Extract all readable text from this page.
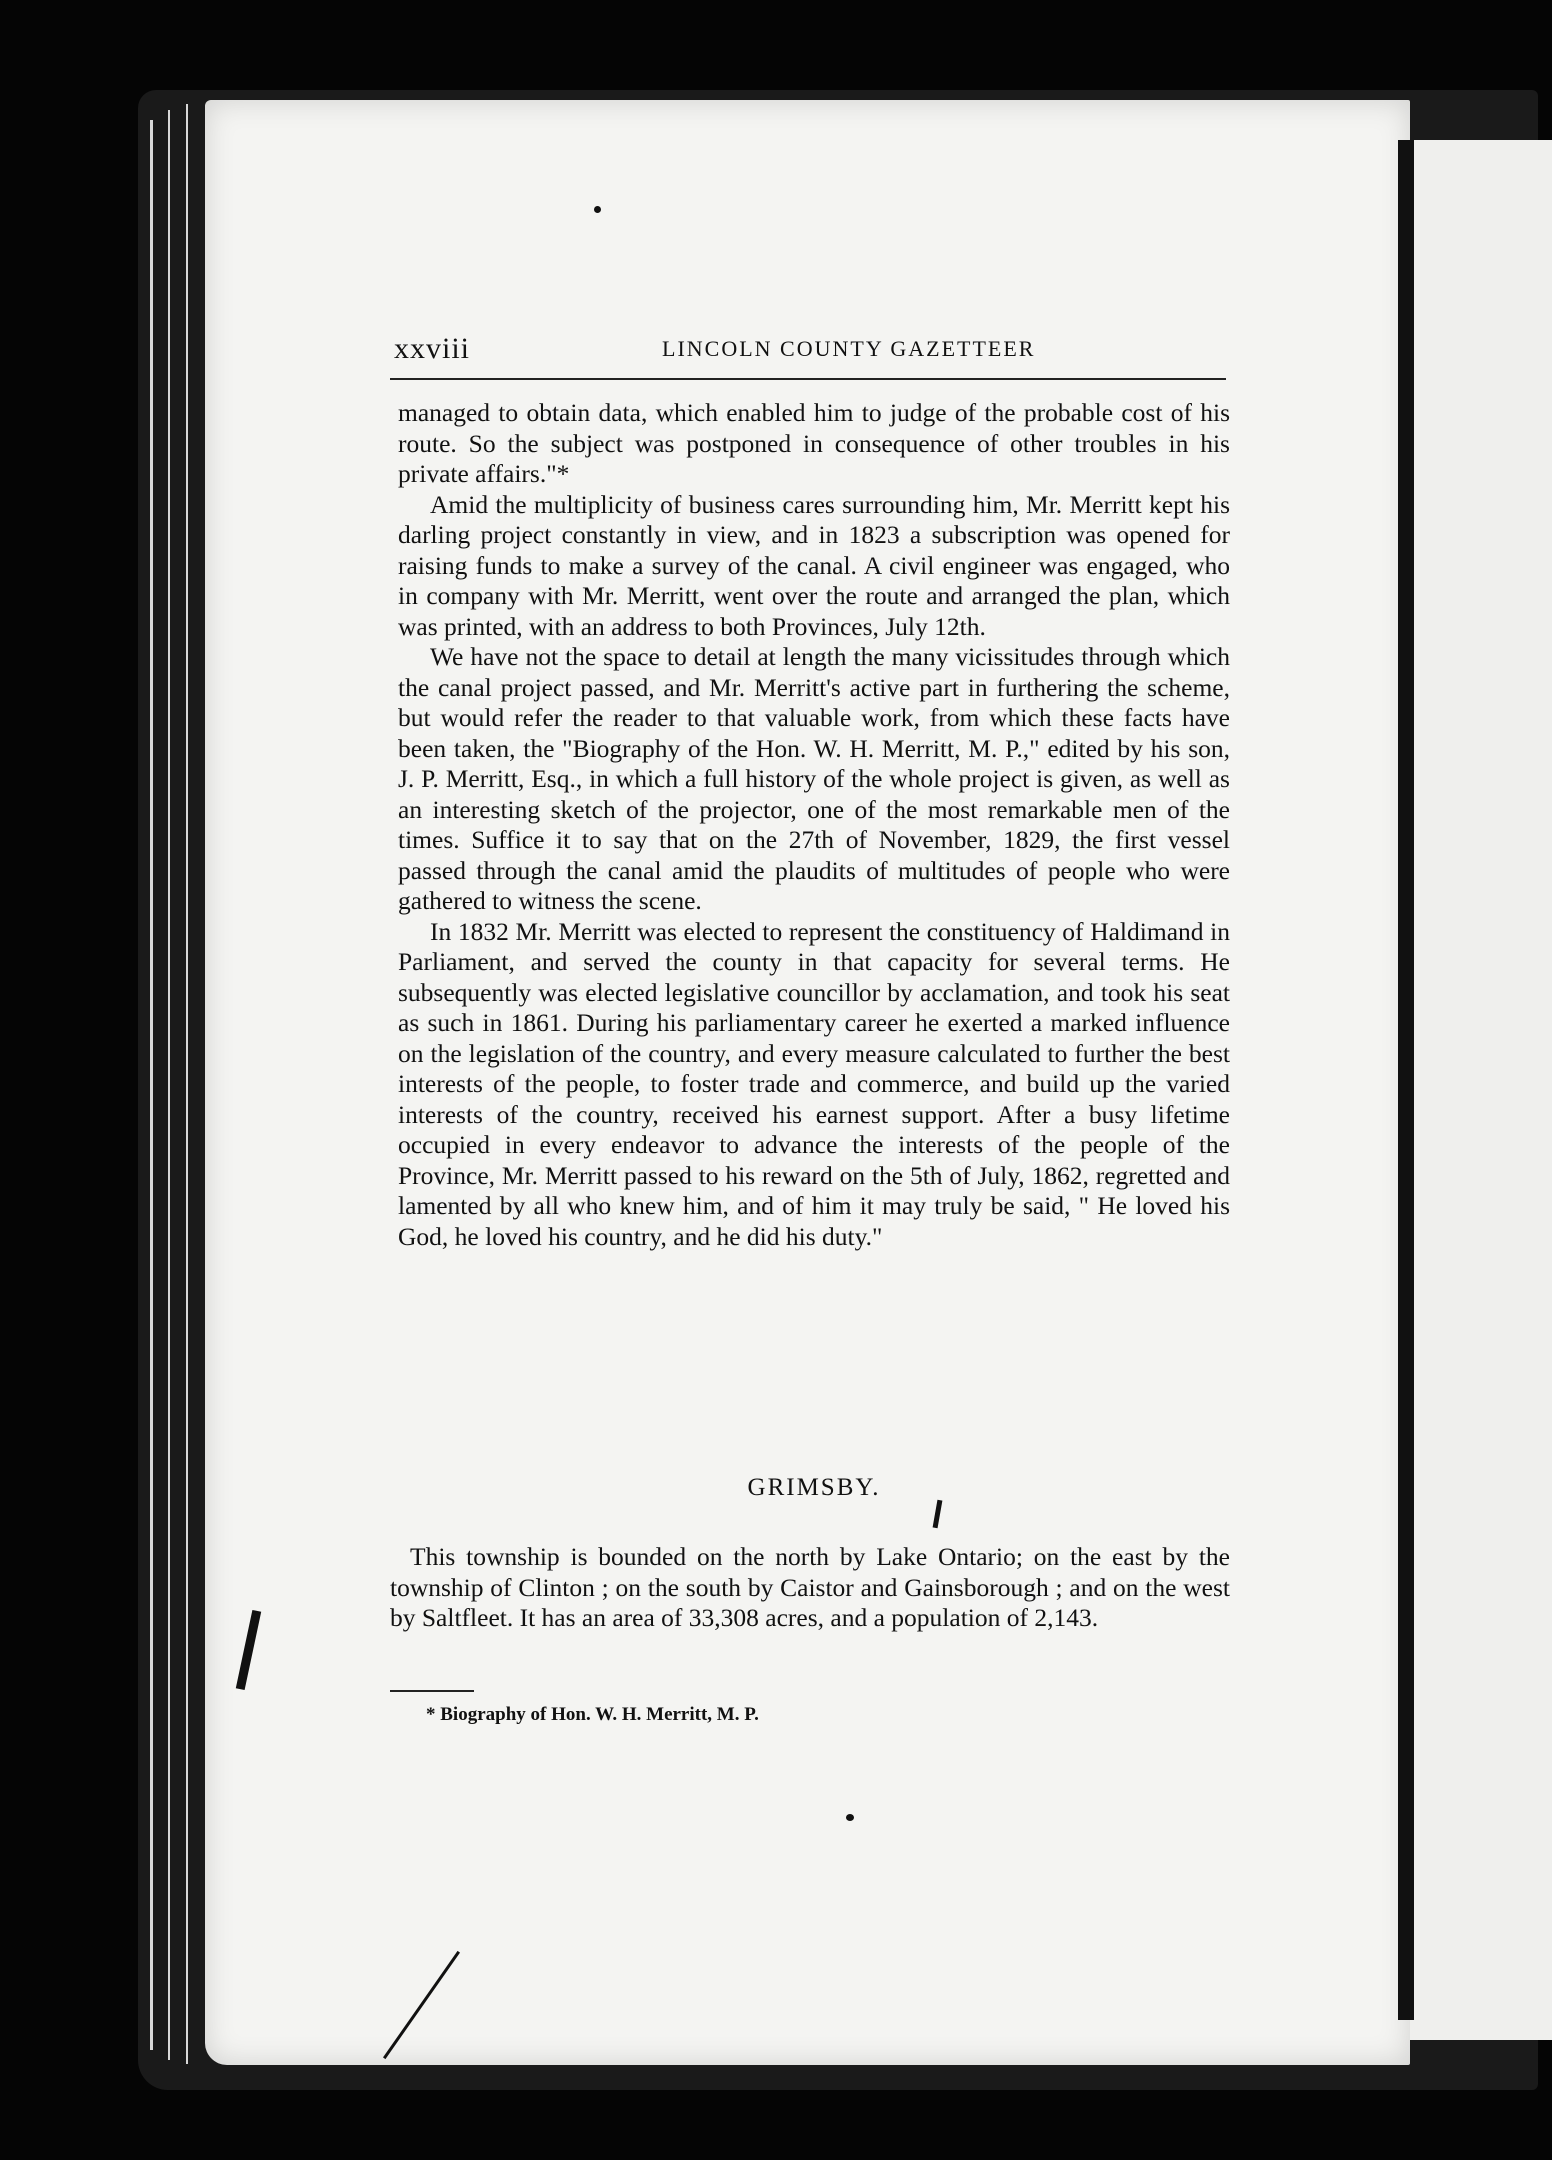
xxviii	LINCOLN COUNTY GAZETTEER

managed to obtain data, which enabled him to judge of the probable cost of his route. So the subject was postponed in consequence of other troubles in his private affairs."*

Amid the multiplicity of business cares surrounding him, Mr. Merritt kept his darling project constantly in view, and in 1823 a subscription was opened for raising funds to make a survey of the canal. A civil engineer was engaged, who in company with Mr. Merritt, went over the route and arranged the plan, which was printed, with an address to both Provinces, July 12th.

We have not the space to detail at length the many vicissitudes through which the canal project passed, and Mr. Merritt's active part in furthering the scheme, but would refer the reader to that valuable work, from which these facts have been taken, the "Biography of the Hon. W. H. Merritt, M. P.," edited by his son, J. P. Merritt, Esq., in which a full history of the whole project is given, as well as an interesting sketch of the projector, one of the most remarkable men of the times. Suffice it to say that on the 27th of November, 1829, the first vessel passed through the canal amid the plaudits of multitudes of people who were gathered to witness the scene.

In 1832 Mr. Merritt was elected to represent the constituency of Haldimand in Parliament, and served the county in that capacity for several terms. He subsequently was elected legislative councillor by acclamation, and took his seat as such in 1861. During his parliamentary career he exerted a marked influence on the legislation of the country, and every measure calculated to further the best interests of the people, to foster trade and commerce, and build up the varied interests of the country, received his earnest support. After a busy lifetime occupied in every endeavor to advance the interests of the people of the Province, Mr. Merritt passed to his reward on the 5th of July, 1862, regretted and lamented by all who knew him, and of him it may truly be said, " He loved his God, he loved his country, and he did his duty."

GRIMSBY.

This township is bounded on the north by Lake Ontario; on the east by the township of Clinton ; on the south by Caistor and Gainsborough ; and on the west by Saltfleet. It has an area of 33,308 acres, and a population of 2,143.

* Biography of Hon. W. H. Merritt, M. P.
